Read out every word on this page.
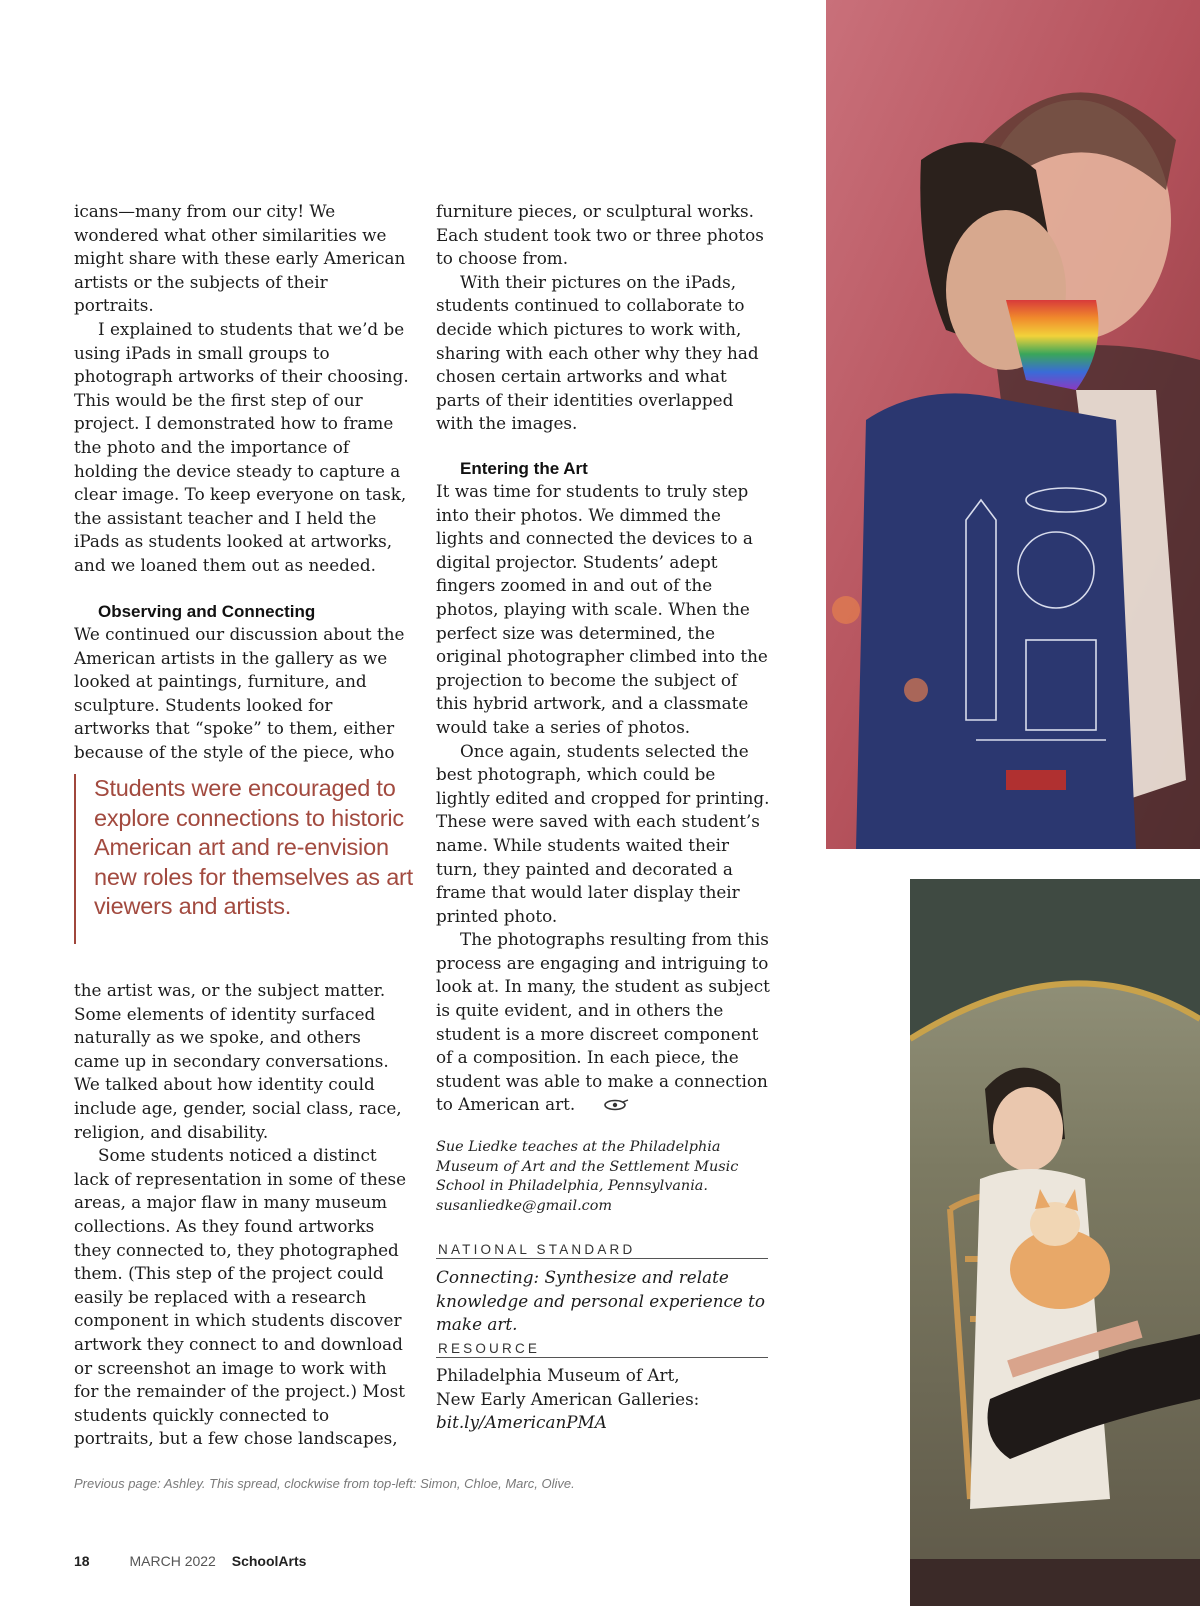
icans—many from our city! We wondered what other similarities we might share with these early American artists or the subjects of their portraits.

I explained to students that we’d be using iPads in small groups to photograph artworks of their choosing. This would be the first step of our project. I demonstrated how to frame the photo and the importance of holding the device steady to capture a clear image. To keep everyone on task, the assistant teacher and I held the iPads as students looked at artworks, and we loaned them out as needed.

Observing and Connecting

We continued our discussion about the American artists in the gallery as we looked at paintings, furniture, and sculpture. Students looked for artworks that “spoke” to them, either because of the style of the piece, who

Students were encouraged to explore connections to historic American art and re-envision new roles for themselves as art viewers and artists.

the artist was, or the subject matter. Some elements of identity surfaced naturally as we spoke, and others came up in secondary conversations. We talked about how identity could include age, gender, social class, race, religion, and disability.

Some students noticed a distinct lack of representation in some of these areas, a major flaw in many museum collections. As they found artworks they connected to, they photographed them. (This step of the project could easily be replaced with a research component in which students discover artwork they connect to and download or screenshot an image to work with for the remainder of the project.) Most students quickly connected to portraits, but a few chose landscapes,

furniture pieces, or sculptural works. Each student took two or three photos to choose from.

With their pictures on the iPads, students continued to collaborate to decide which pictures to work with, sharing with each other why they had chosen certain artworks and what parts of their identities overlapped with the images.

Entering the Art

It was time for students to truly step into their photos. We dimmed the lights and connected the devices to a digital projector. Students’ adept fingers zoomed in and out of the photos, playing with scale. When the perfect size was determined, the original photographer climbed into the projection to become the subject of this hybrid artwork, and a classmate would take a series of photos.

Once again, students selected the best photograph, which could be lightly edited and cropped for printing. These were saved with each student’s name. While students waited their turn, they painted and decorated a frame that would later display their printed photo.

The photographs resulting from this process are engaging and intriguing to look at. In many, the student as subject is quite evident, and in others the student is a more discreet component of a composition. In each piece, the student was able to make a connection to American art.

Sue Liedke teaches at the Philadelphia Museum of Art and the Settlement Music School in Philadelphia, Pennsylvania.
susanliedke@gmail.com
NATIONAL STANDARD
Connecting: Synthesize and relate knowledge and personal experience to make art.
RESOURCE
Philadelphia Museum of Art,
New Early American Galleries:
bit.ly/AmericanPMA
Previous page: Ashley. This spread, clockwise from top-left: Simon, Chloe, Marc, Olive.
18	MARCH 2022 SchoolArts
